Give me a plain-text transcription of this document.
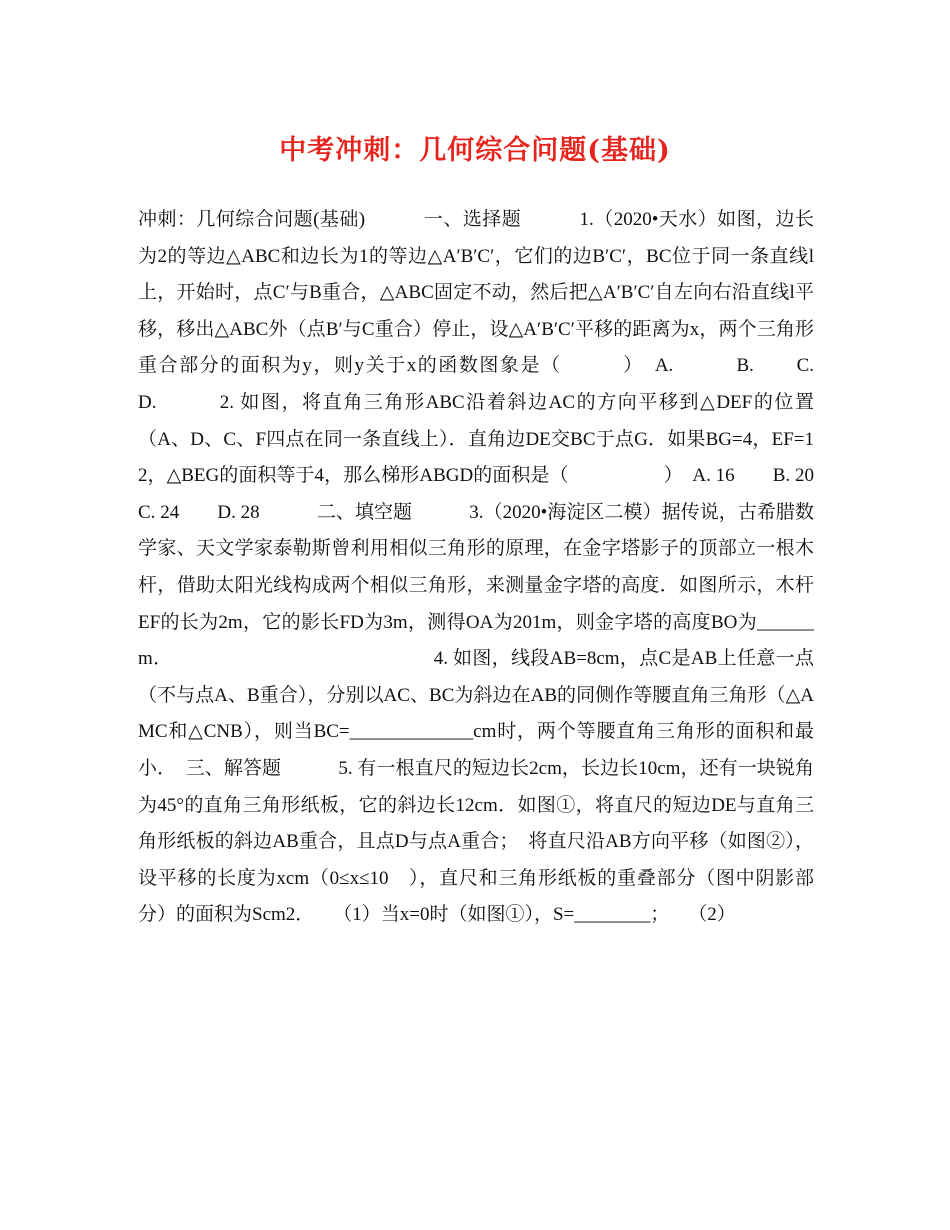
中考冲刺：几何综合问题(基础)
冲刺：几何综合问题(基础)　　　一、选择题　　　1.（2020•天水）如图，边长为2的等边△ABC和边长为1的等边△A′B′C′，它们的边B′C′，BC位于同一条直线l上，开始时，点C′与B重合，△ABC固定不动，然后把△A′B′C′自左向右沿直线l平移，移出△ABC外（点B′与C重合）停止，设△A′B′C′平移的距离为x，两个三角形重合部分的面积为y，则y关于x的函数图象是（　　　）　A.　　　B.　　C.　　D.　　　2. 如图，将直角三角形ABC沿着斜边AC的方向平移到△DEF的位置（A、D、C、F四点在同一条直线上）．直角边DE交BC于点G．如果BG=4，EF=12，△BEG的面积等于4，那么梯形ABGD的面积是（　　　　　）　A. 16　　B. 20　　C. 24　　D. 28　　　二、填空题　　　3.（2020•海淀区二模）据传说，古希腊数学家、天文学家泰勒斯曾利用相似三角形的原理，在金字塔影子的顶部立一根木杆，借助太阳光线构成两个相似三角形，来测量金字塔的高度．如图所示，木杆EF的长为2m，它的影长FD为3m，测得OA为201m，则金字塔的高度BO为______m．　　　　　　　　　　　　　　4. 如图，线段AB=8cm，点C是AB上任意一点（不与点A、B重合），分别以AC、BC为斜边在AB的同侧作等腰直角三角形（△AMC和△CNB），则当BC=_____________cm时，两个等腰直角三角形的面积和最小．　三、解答题　　　5. 有一根直尺的短边长2cm，长边长10cm，还有一块锐角为45°的直角三角形纸板，它的斜边长12cm．如图①，将直尺的短边DE与直角三角形纸板的斜边AB重合，且点D与点A重合；　将直尺沿AB方向平移（如图②），设平移的长度为xcm（0≤x≤10　），直尺和三角形纸板的重叠部分（图中阴影部分）的面积为Scm2．　　（1）当x=0时（如图①），S=________；　　（2）
